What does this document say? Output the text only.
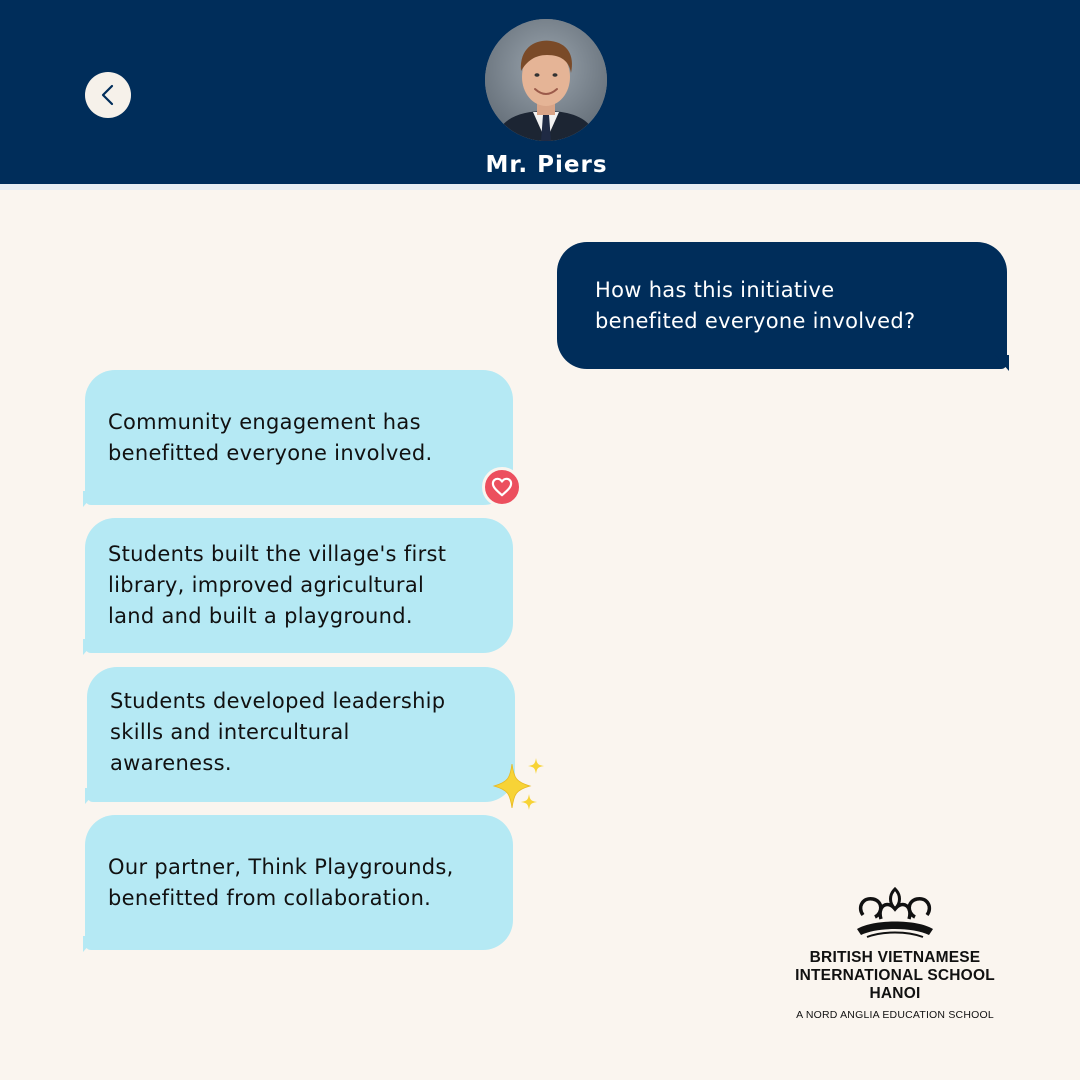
Mr. Piers
How has this initiative
benefited everyone involved?
Community engagement has
benefitted everyone involved.
Students built the village's first
library, improved agricultural
land and built a playground.
Students developed leadership
skills and intercultural
awareness.
Our partner, Think Playgrounds,
benefitted from collaboration.
BRITISH VIETNAMESE
INTERNATIONAL SCHOOL
HANOI
A NORD ANGLIA EDUCATION SCHOOL
